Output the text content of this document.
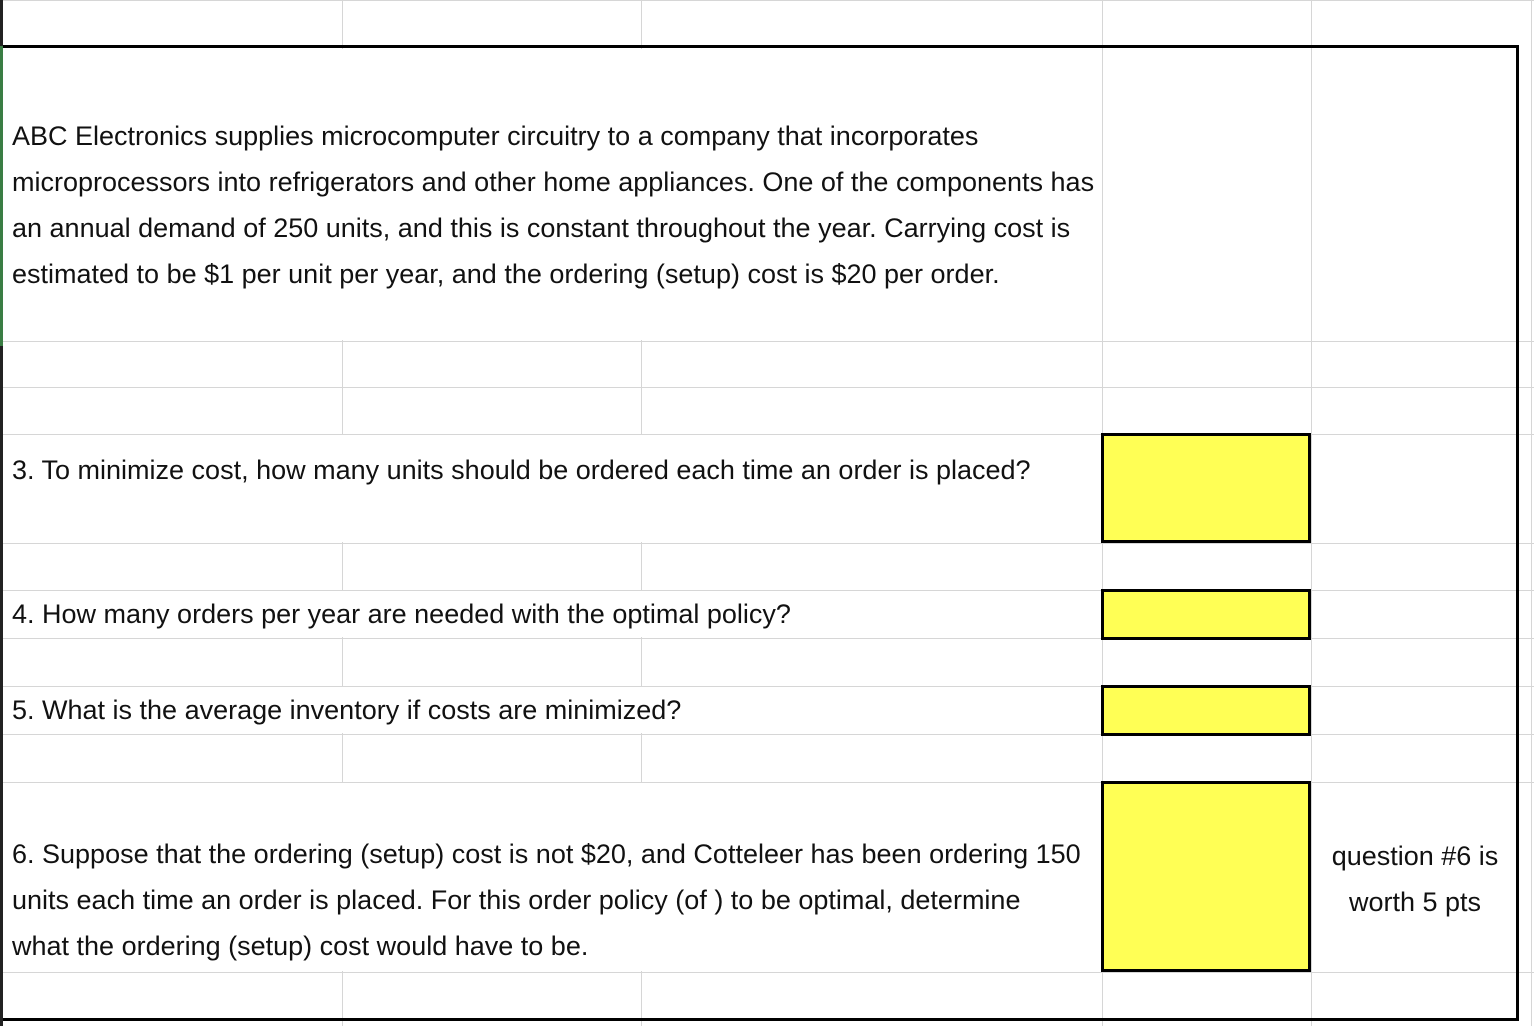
ABC Electronics supplies microcomputer circuitry to a company that incorporates microprocessors into refrigerators and other home appliances. One of the components has an annual demand of 250 units, and this is constant throughout the year. Carrying cost is estimated to be $1 per unit per year, and the ordering (setup) cost is $20 per order.
3. To minimize cost, how many units should be ordered each time an order is placed?
4. How many orders per year are needed with the optimal policy?
5. What is the average inventory if costs are minimized?
6. Suppose that the ordering (setup) cost is not $20, and Cotteleer has been ordering 150 units each time an order is placed. For this order policy (of ) to be optimal, determine what the ordering (setup) cost would have to be.
question #6 is worth 5 pts
